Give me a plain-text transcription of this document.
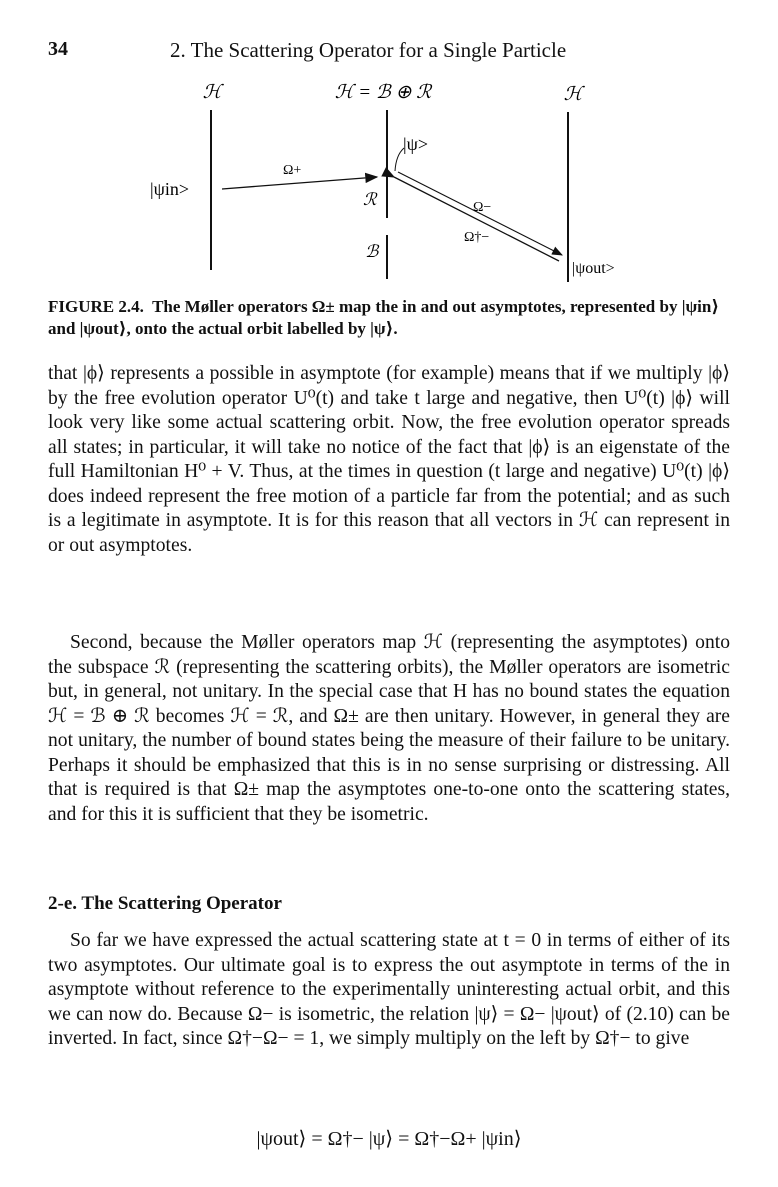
34	2. The Scattering Operator for a Single Particle
ℋ	ℋ = ℬ ⊕ ℛ	ℋ
|ψin>
Ω+
|ψ>
ℛ	Ω−
Ω†−
ℬ
|ψout>
FIGURE 2.4. The Møller operators Ω± map the in and out asymptotes, represented by |ψin⟩ and |ψout⟩, onto the actual orbit labelled by |ψ⟩.

that |ϕ⟩ represents a possible in asymptote (for example) means that if we multiply |ϕ⟩ by the free evolution operator U⁰(t) and take t large and negative, then U⁰(t) |ϕ⟩ will look very like some actual scattering orbit. Now, the free evolution operator spreads all states; in particular, it will take no notice of the fact that |ϕ⟩ is an eigenstate of the full Hamiltonian H⁰ + V. Thus, at the times in question (t large and negative) U⁰(t) |ϕ⟩ does indeed represent the free motion of a particle far from the potential; and as such is a legitimate in asymptote. It is for this reason that all vectors in ℋ can represent in or out asymptotes.

Second, because the Møller operators map ℋ (representing the asymptotes) onto the subspace ℛ (representing the scattering orbits), the Møller operators are isometric but, in general, not unitary. In the special case that H has no bound states the equation ℋ = ℬ ⊕ ℛ becomes ℋ = ℛ, and Ω± are then unitary. However, in general they are not unitary, the number of bound states being the measure of their failure to be unitary. Perhaps it should be emphasized that this is in no sense surprising or distressing. All that is required is that Ω± map the asymptotes one-to-one onto the scattering states, and for this it is sufficient that they be isometric.

2-e. The Scattering Operator

So far we have expressed the actual scattering state at t = 0 in terms of either of its two asymptotes. Our ultimate goal is to express the out asymptote in terms of the in asymptote without reference to the experimentally uninteresting actual orbit, and this we can now do. Because Ω− is isometric, the relation |ψ⟩ = Ω− |ψout⟩ of (2.10) can be inverted. In fact, since Ω†−Ω− = 1, we simply multiply on the left by Ω†− to give

|ψout⟩ = Ω†− |ψ⟩ = Ω†−Ω+ |ψin⟩
